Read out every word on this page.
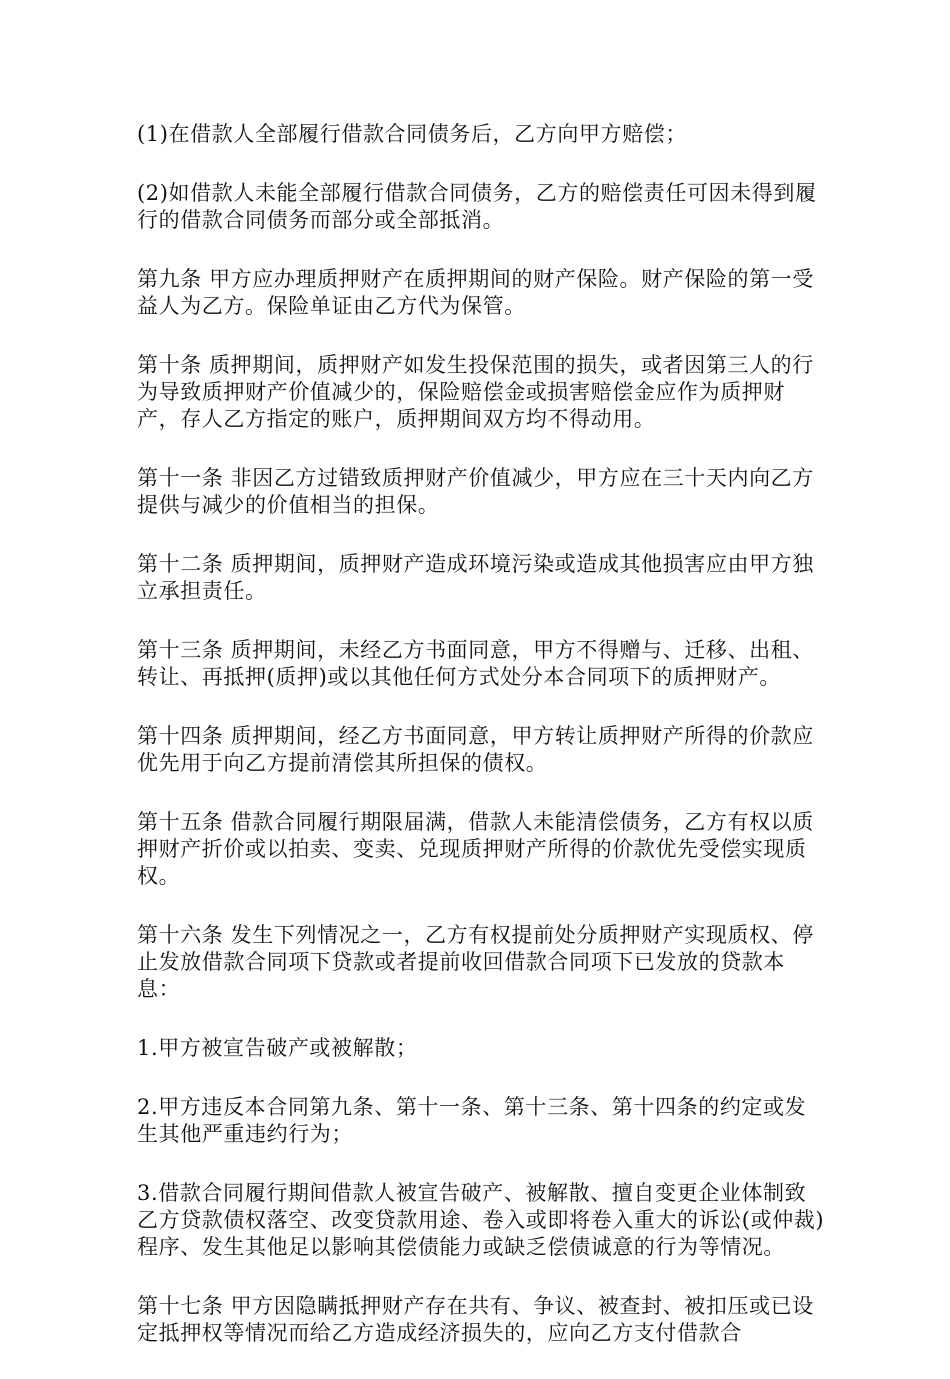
(1)在借款人全部履行借款合同债务后，乙方向甲方赔偿；

(2)如借款人未能全部履行借款合同债务，乙方的赔偿责任可因未得到履行的借款合同债务而部分或全部抵消。

第九条 甲方应办理质押财产在质押期间的财产保险。财产保险的第一受益人为乙方。保险单证由乙方代为保管。

第十条 质押期间，质押财产如发生投保范围的损失，或者因第三人的行为导致质押财产价值减少的，保险赔偿金或损害赔偿金应作为质押财产，存人乙方指定的账户，质押期间双方均不得动用。

第十一条 非因乙方过错致质押财产价值减少，甲方应在三十天内向乙方提供与减少的价值相当的担保。

第十二条 质押期间，质押财产造成环境污染或造成其他损害应由甲方独立承担责任。

第十三条 质押期间，未经乙方书面同意，甲方不得赠与、迁移、出租、转让、再抵押(质押)或以其他任何方式处分本合同项下的质押财产。

第十四条 质押期间，经乙方书面同意，甲方转让质押财产所得的价款应优先用于向乙方提前清偿其所担保的债权。

第十五条 借款合同履行期限届满，借款人未能清偿债务，乙方有权以质押财产折价或以拍卖、变卖、兑现质押财产所得的价款优先受偿实现质权。

第十六条 发生下列情况之一，乙方有权提前处分质押财产实现质权、停止发放借款合同项下贷款或者提前收回借款合同项下已发放的贷款本息：

1.甲方被宣告破产或被解散；

2.甲方违反本合同第九条、第十一条、第十三条、第十四条的约定或发生其他严重违约行为；

3.借款合同履行期间借款人被宣告破产、被解散、擅自变更企业体制致乙方贷款债权落空、改变贷款用途、卷入或即将卷入重大的诉讼(或仲裁)程序、发生其他足以影响其偿债能力或缺乏偿债诚意的行为等情况。

第十七条 甲方因隐瞒抵押财产存在共有、争议、被查封、被扣压或已设定抵押权等情况而给乙方造成经济损失的，应向乙方支付借款合
